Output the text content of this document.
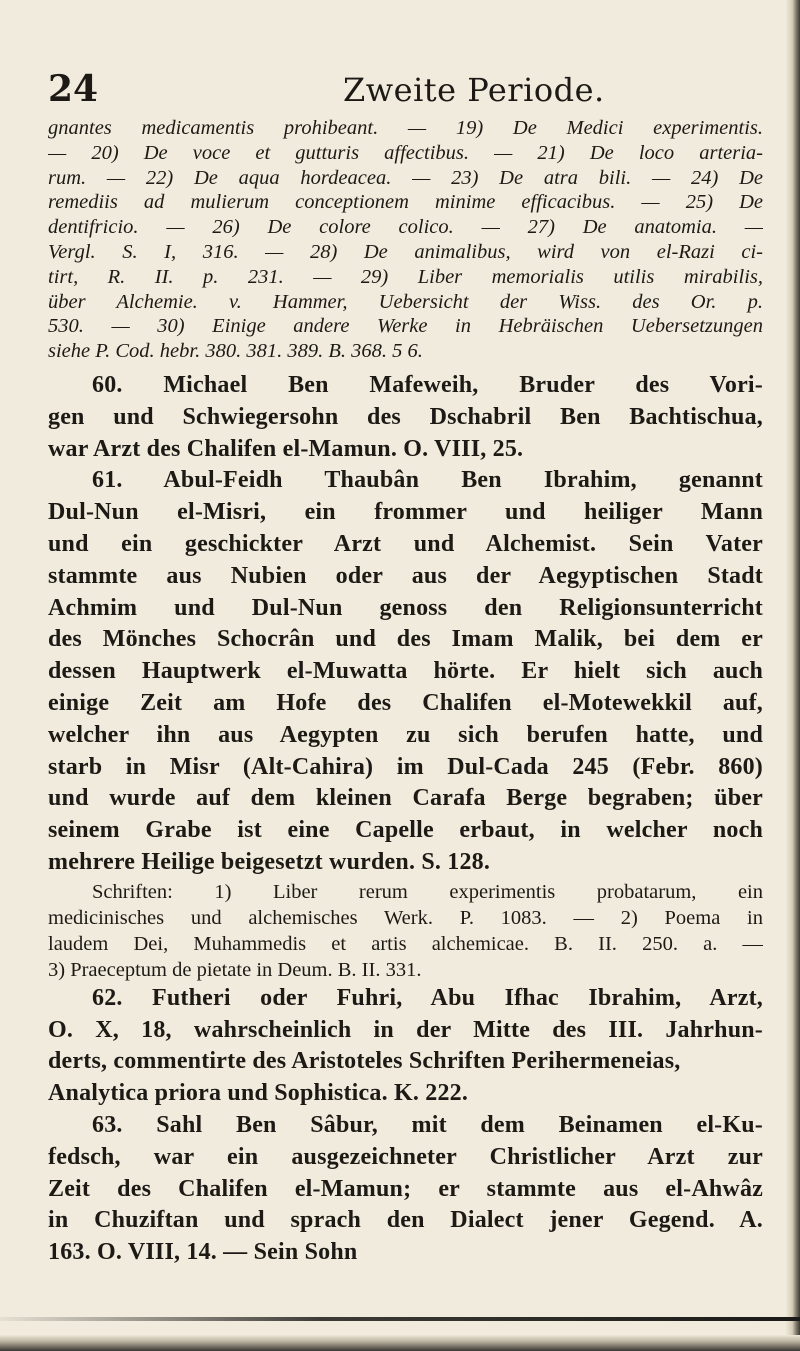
24	Zweite Periode.
gnantes medicamentis prohibeant. — 19) De Medici experimentis.
— 20) De voce et gutturis affectibus. — 21) De loco arteria-
rum. — 22) De aqua hordeacea. — 23) De atra bili. — 24) De
remediis ad mulierum conceptionem minime efficacibus. — 25) De
dentifricio. — 26) De colore colico. — 27) De anatomia. —
Vergl. S. I, 316. — 28) De animalibus, wird von el-Razi ci-
tirt, R. II. p. 231. — 29) Liber memorialis utilis mirabilis,
über Alchemie. v. Hammer, Uebersicht der Wiss. des Or. p.
530. — 30) Einige andere Werke in Hebräischen Uebersetzungen
siehe P. Cod. hebr. 380. 381. 389. B. 368. 5 6.
60. Michael Ben Mafeweih, Bruder des Vori-
gen und Schwiegersohn des Dschabril Ben Bachtischua,
war Arzt des Chalifen el-Mamun. O. VIII, 25.
61. Abul-Feidh Thaubân Ben Ibrahim, genannt
Dul-Nun el-Misri, ein frommer und heiliger Mann
und ein geschickter Arzt und Alchemist. Sein Vater
stammte aus Nubien oder aus der Aegyptischen Stadt
Achmim und Dul-Nun genoss den Religionsunterricht
des Mönches Schocrân und des Imam Malik, bei dem er
dessen Hauptwerk el-Muwatta hörte. Er hielt sich auch
einige Zeit am Hofe des Chalifen el-Motewekkil auf,
welcher ihn aus Aegypten zu sich berufen hatte, und
starb in Misr (Alt-Cahira) im Dul-Cada 245 (Febr. 860)
und wurde auf dem kleinen Carafa Berge begraben; über
seinem Grabe ist eine Capelle erbaut, in welcher noch
mehrere Heilige beigesetzt wurden. S. 128.
Schriften: 1) Liber rerum experimentis probatarum, ein
medicinisches und alchemisches Werk. P. 1083. — 2) Poema in
laudem Dei, Muhammedis et artis alchemicae. B. II. 250. a. —
3) Praeceptum de pietate in Deum. B. II. 331.
62. Futheri oder Fuhri, Abu Ifhac Ibrahim, Arzt,
O. X, 18, wahrscheinlich in der Mitte des III. Jahrhun-
derts, commentirte des Aristoteles Schriften Perihermeneias, Analytica priora und Sophistica. K. 222.
63. Sahl Ben Sâbur, mit dem Beinamen el-Ku-
fedsch, war ein ausgezeichneter Christlicher Arzt zur
Zeit des Chalifen el-Mamun; er stammte aus el-Ahwâz
in Chuziftan und sprach den Dialect jener Gegend. A.
163. O. VIII, 14. — Sein Sohn
